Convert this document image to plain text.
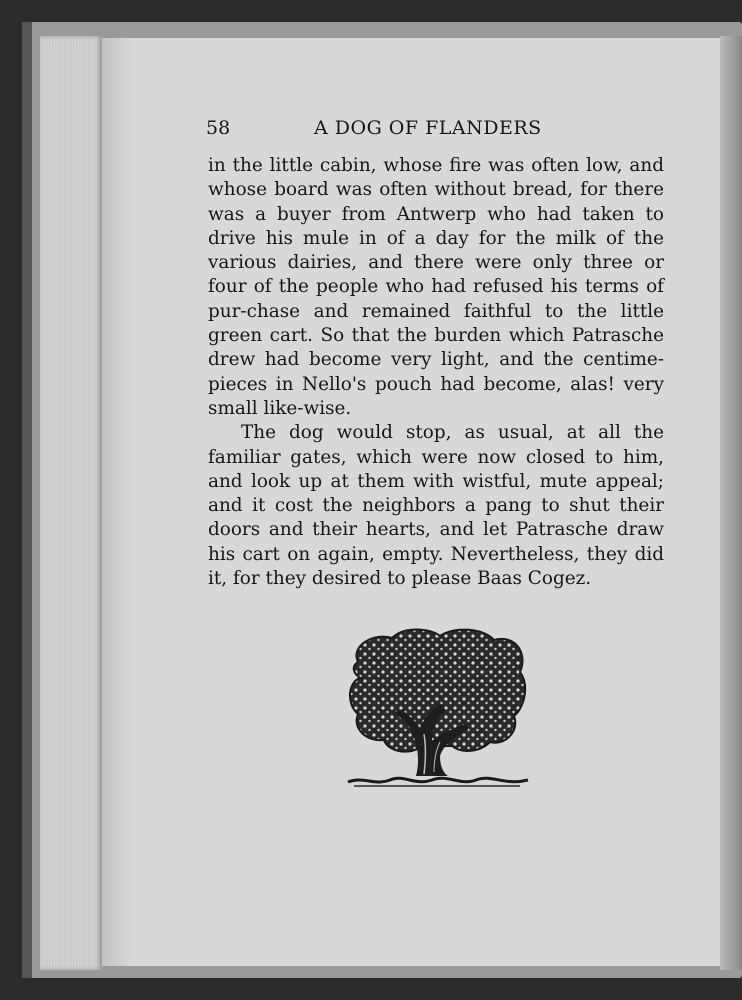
58	A DOG OF FLANDERS

in the little cabin, whose fire was often low, and whose board was often without bread, for there was a buyer from Antwerp who had taken to drive his mule in of a day for the milk of the various dairies, and there were only three or four of the people who had refused his terms of pur-chase and remained faithful to the little green cart. So that the burden which Patrasche drew had become very light, and the centime-pieces in Nello's pouch had become, alas! very small like-wise.

The dog would stop, as usual, at all the familiar gates, which were now closed to him, and look up at them with wistful, mute appeal; and it cost the neighbors a pang to shut their doors and their hearts, and let Patrasche draw his cart on again, empty. Nevertheless, they did it, for they desired to please Baas Cogez.
